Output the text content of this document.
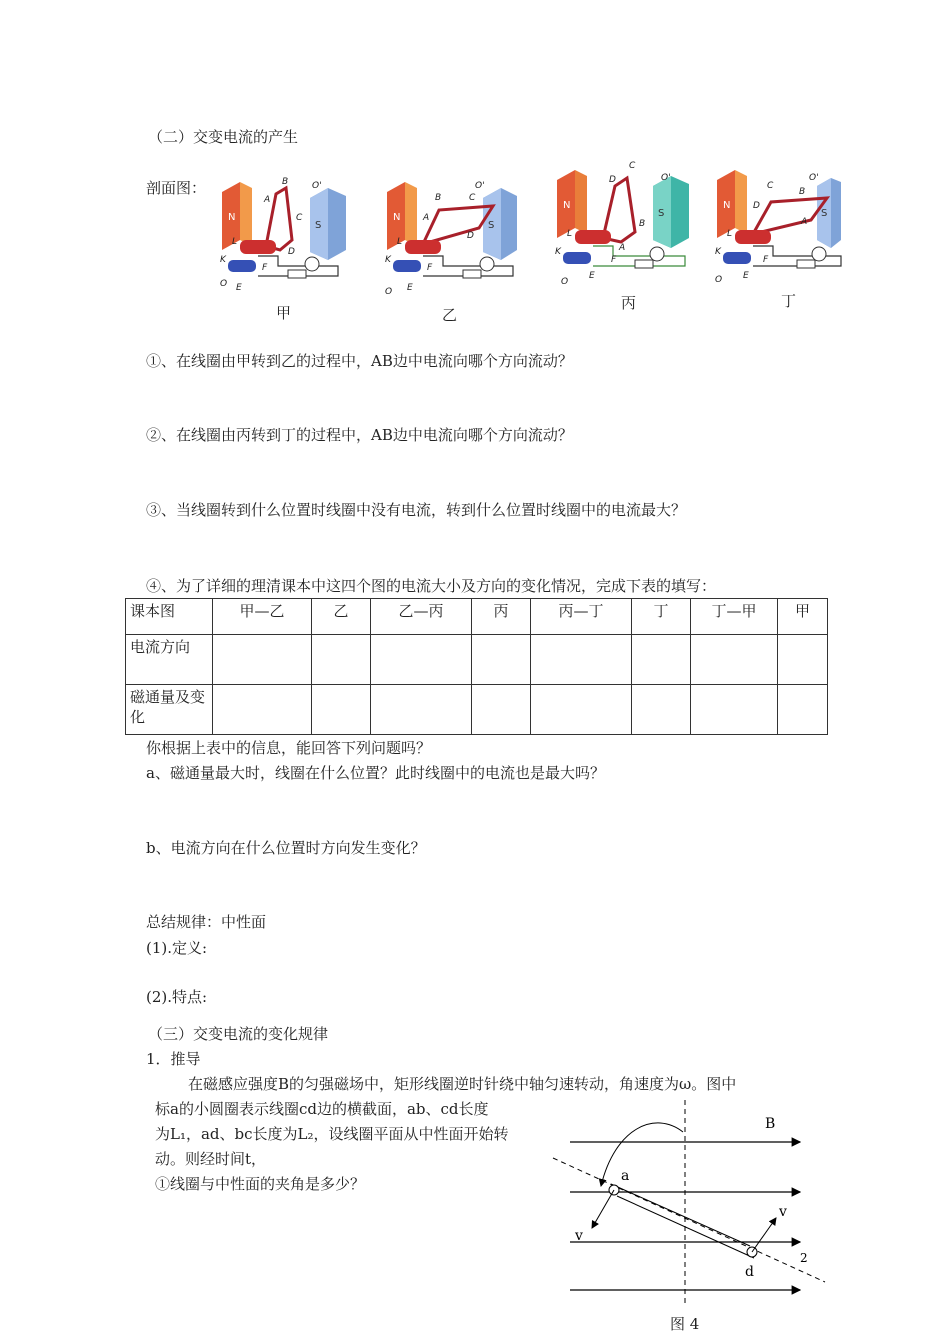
（二）交变电流的产生
剖面图：
N
S
B
A
C
D
L
K
F
E
O'
O
甲
N
S
B
A
C
D
L
K
F
E
O'
O
乙
N
S
C
D
B
A
L
K
F
E
O'
O
丙
N
S
C
D
B
A
L
K
F
E
O'
O
丁
①、在线圈由甲转到乙的过程中，AB边中电流向哪个方向流动？
②、在线圈由丙转到丁的过程中，AB边中电流向哪个方向流动？
③、当线圈转到什么位置时线圈中没有电流，转到什么位置时线圈中的电流最大？
④、为了详细的理清课本中这四个图的电流大小及方向的变化情况，完成下表的填写：
课本图	甲—乙	乙	乙—丙	丙	丙—丁	丁	丁—甲	甲
电流方向								
磁通量及变化								
你根据上表中的信息，能回答下列问题吗？
a、磁通量最大时，线圈在什么位置？此时线圈中的电流也是最大吗？
b、电流方向在什么位置时方向发生变化？
总结规律：中性面
(1).定义:
(2).特点:
（三）交变电流的变化规律
1．推导
在磁感应强度B的匀强磁场中，矩形线圈逆时针绕中轴匀速转动，角速度为ω。图中
标a的小圆圈表示线圈cd边的横截面，ab、cd长度
为L₁，ad、bc长度为L₂，设线圈平面从中性面开始转
动。则经时间t，
①线圈与中性面的夹角是多少？
B
a
d
v
v
2
图 4
